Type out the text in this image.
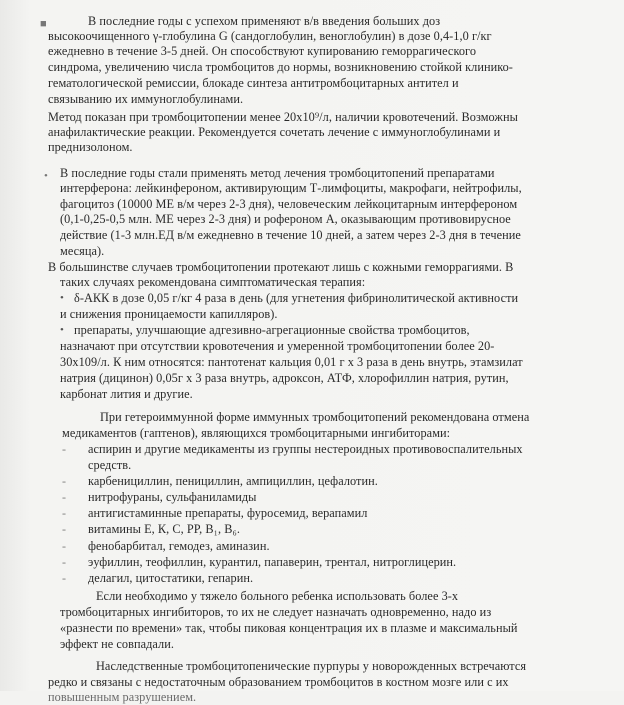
■
•

В последние годы с успехом применяют в/в введения больших доз

высокоочищенного γ-глобулина G (сандоглобулин, веноглобулин) в дозе 0,4-1,0 г/кг

ежедневно в течение 3-5 дней. Он способствуют купированию геморрагического

синдрома, увеличению числа тромбоцитов до нормы, возникновению стойкой клинико-

гематологической ремиссии, блокаде синтеза антитромбоцитарных антител и

связыванию их иммуноглобулинами.

Метод показан при тромбоцитопении менее 20х10⁹/л, наличии кровотечений. Возможны

анафилактические реакции. Рекомендуется сочетать лечение с иммуноглобулинами и

преднизолоном.

В последние годы стали применять метод лечения тромбоцитопений препаратами

интерферона: лейкинфероном, активирующим Т-лимфоциты, макрофаги, нейтрофилы,

фагоцитоз (10000 МЕ в/м через 2-3 дня), человеческим лейкоцитарным интерфероном

(0,1-0,25-0,5 млн. МЕ через 2-3 дня) и рофероном А, оказывающим противовирусное

действие (1-3 млн.ЕД в/м ежедневно в течение 10 дней, а затем через 2-3 дня в течение

месяца).

В большинстве случаев тромбоцитопении протекают лишь с кожными геморрагиями. В

таких случаях рекомендована симптоматическая терапия:

• δ-АКК в дозе 0,05 г/кг 4 раза в день (для угнетения фибринолитической активности

и снижения проницаемости капилляров).

• препараты, улучшающие адгезивно-агрегационные свойства тромбоцитов,

назначают при отсутствии кровотечения и умеренной тромбоцитопении более 20-

30х109/л. К ним относятся: пантотенат кальция 0,01 г х 3 раза в день внутрь, этамзилат

натрия (дицинон) 0,05г х 3 раза внутрь, адроксон, АТФ, хлорофиллин натрия, рутин,

карбонат лития и другие.

При гетероиммунной форме иммунных тромбоцитопений рекомендована отмена

медикаментов (гаптенов), являющихся тромбоцитарными ингибиторами:

- аспирин и другие медикаменты из группы нестероидных противовоспалительных

средств.

- карбенициллин, пенициллин, ампициллин, цефалотин.

- нитрофураны, сульфаниламиды

- антигистаминные препараты, фуросемид, верапамил

- витамины Е, К, С, РР, В₁, В₆.

- фенобарбитал, гемодез, аминазин.

- эуфиллин, теофиллин, курантил, папаверин, трентал, нитроглицерин.

- делагил, цитостатики, гепарин.

Если необходимо у тяжело больного ребенка использовать более 3-х

тромбоцитарных ингибиторов, то их не следует назначать одновременно, надо из

«разнести по времени» так, чтобы пиковая концентрация их в плазме и максимальный

эффект не совпадали.

Наследственные тромбоцитопенические пурпуры у новорожденных встречаются

редко и связаны с недостаточным образованием тромбоцитов в костном мозге или с их

повышенным разрушением.
